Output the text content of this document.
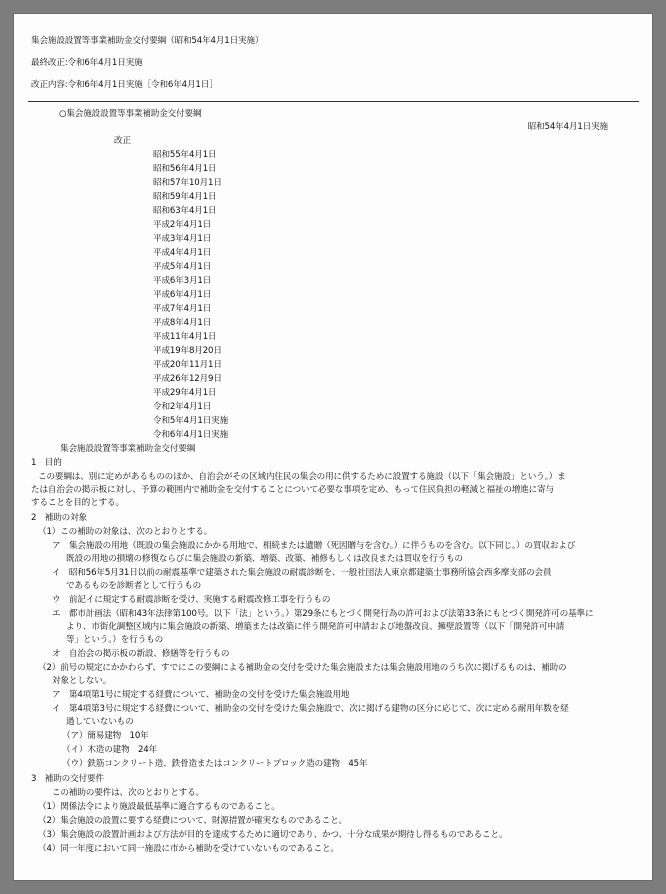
集会施設設置等事業補助金交付要綱（昭和54年4月1日実施）
最終改正:令和6年4月1日実施
改正内容:令和6年4月1日実施［令和6年4月1日］
○集会施設設置等事業補助金交付要綱
昭和54年4月1日実施
改正
昭和55年4月1日
昭和56年4月1日
昭和57年10月1日
昭和59年4月1日
昭和63年4月1日
平成2年4月1日
平成3年4月1日
平成4年4月1日
平成5年4月1日
平成6年3月1日
平成6年4月1日
平成7年4月1日
平成8年4月1日
平成11年4月1日
平成19年8月20日
平成20年11月1日
平成26年12月9日
平成29年4月1日
令和2年4月1日
令和5年4月1日実施
令和6年4月1日実施
集会施設設置等事業補助金交付要綱
1　目的
この要綱は、別に定めがあるもののほか、自治会がその区域内住民の集会の用に供するために設置する施設（以下「集会施設」という。）ま
たは自治会の掲示板に対し、予算の範囲内で補助金を交付することについて必要な事項を定め、もって住民負担の軽減と福祉の増進に寄与
することを目的とする。
2　補助の対象
（1）この補助の対象は、次のとおりとする。
ア　集会施設の用地（既設の集会施設にかかる用地で、相続または遺贈（死因贈与を含む。）に伴うものを含む。以下同じ。）の買収および
既設の用地の損壊の修復ならびに集会施設の新築、増築、改築、補修もしくは改良または買収を行うもの
イ　昭和56年5月31日以前の耐震基準で建築された集会施設の耐震診断を、一般社団法人東京都建築士事務所協会西多摩支部の会員
であるものを診断者として行うもの
ウ　前記イに規定する耐震診断を受け、実施する耐震改修工事を行うもの
エ　都市計画法（昭和43年法律第100号。以下「法」という。）第29条にもとづく開発行為の許可および法第33条にもとづく開発許可の基準に
より、市街化調整区域内に集会施設の新築、増築または改築に伴う開発許可申請および地盤改良、擁壁設置等（以下「開発許可申請
等」という。）を行うもの
オ　自治会の掲示板の新設、修繕等を行うもの
（2）前号の規定にかかわらず、すでにこの要綱による補助金の交付を受けた集会施設または集会施設用地のうち次に掲げるものは、補助の
対象としない。
ア　第4項第1号に規定する経費について、補助金の交付を受けた集会施設用地
イ　第4項第3号に規定する経費について、補助金の交付を受けた集会施設で、次に掲げる建物の区分に応じて、次に定める耐用年数を経
過していないもの
（ア）簡易建物　10年
（イ）木造の建物　24年
（ウ）鉄筋コンクリート造、鉄骨造またはコンクリートブロック造の建物　45年
3　補助の交付要件
この補助の要件は、次のとおりとする。
（1）関係法令により施設最低基準に適合するものであること。
（2）集会施設の設置に要する経費について、財源措置が確実なものであること。
（3）集会施設の設置計画および方法が目的を達成するために適切であり、かつ、十分な成果が期待し得るものであること。
（4）同一年度において同一施設に市から補助を受けていないものであること。
